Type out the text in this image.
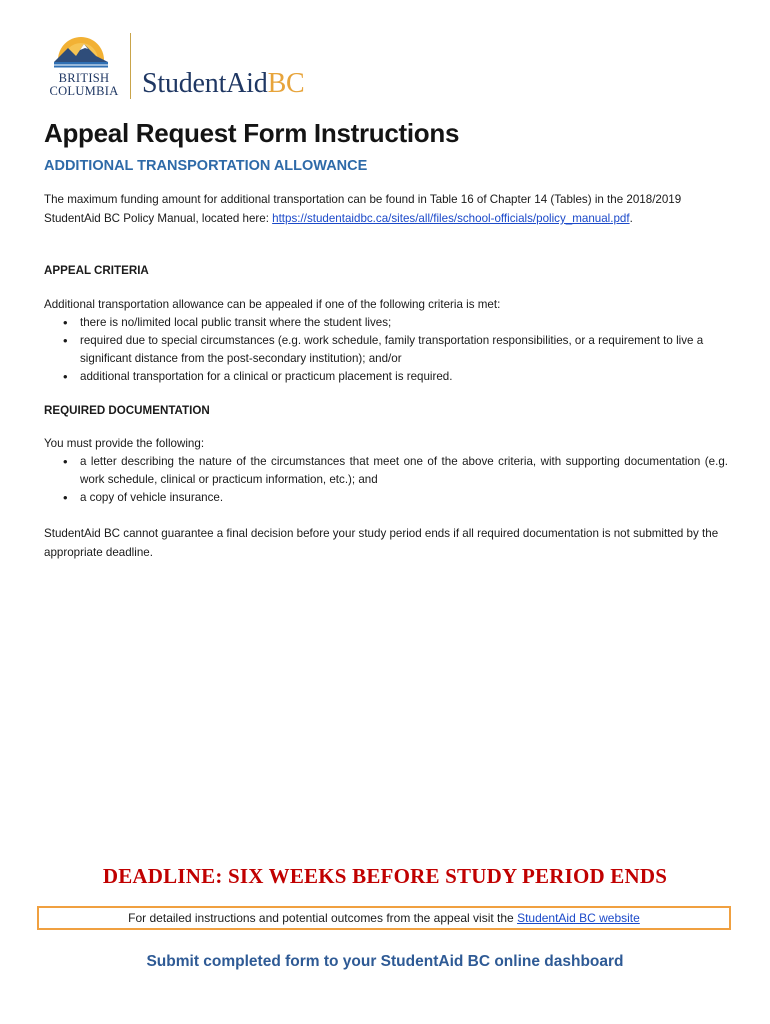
BRITISH
COLUMBIA StudentAidBC
Appeal Request Form Instructions
ADDITIONAL TRANSPORTATION ALLOWANCE

The maximum funding amount for additional transportation can be found in Table 16 of Chapter 14 (Tables) in the 2018/2019 StudentAid BC Policy Manual, located here: https://studentaidbc.ca/sites/all/files/school-officials/policy_manual.pdf.

APPEAL CRITERIA

Additional transportation allowance can be appealed if one of the following criteria is met:

• there is no/limited local public transit where the student lives;
• required due to special circumstances (e.g. work schedule, family transportation responsibilities, or a requirement to live a significant distance from the post-secondary institution); and/or
• additional transportation for a clinical or practicum placement is required.
REQUIRED DOCUMENTATION

You must provide the following:

• a letter describing the nature of the circumstances that meet one of the above criteria, with supporting documentation (e.g. work schedule, clinical or practicum information, etc.); and
• a copy of vehicle insurance.

StudentAid BC cannot guarantee a final decision before your study period ends if all required documentation is not submitted by the appropriate deadline.

DEADLINE: SIX WEEKS BEFORE STUDY PERIOD ENDS
For detailed instructions and potential outcomes from the appeal visit the StudentAid BC website
Submit completed form to your StudentAid BC online dashboard
